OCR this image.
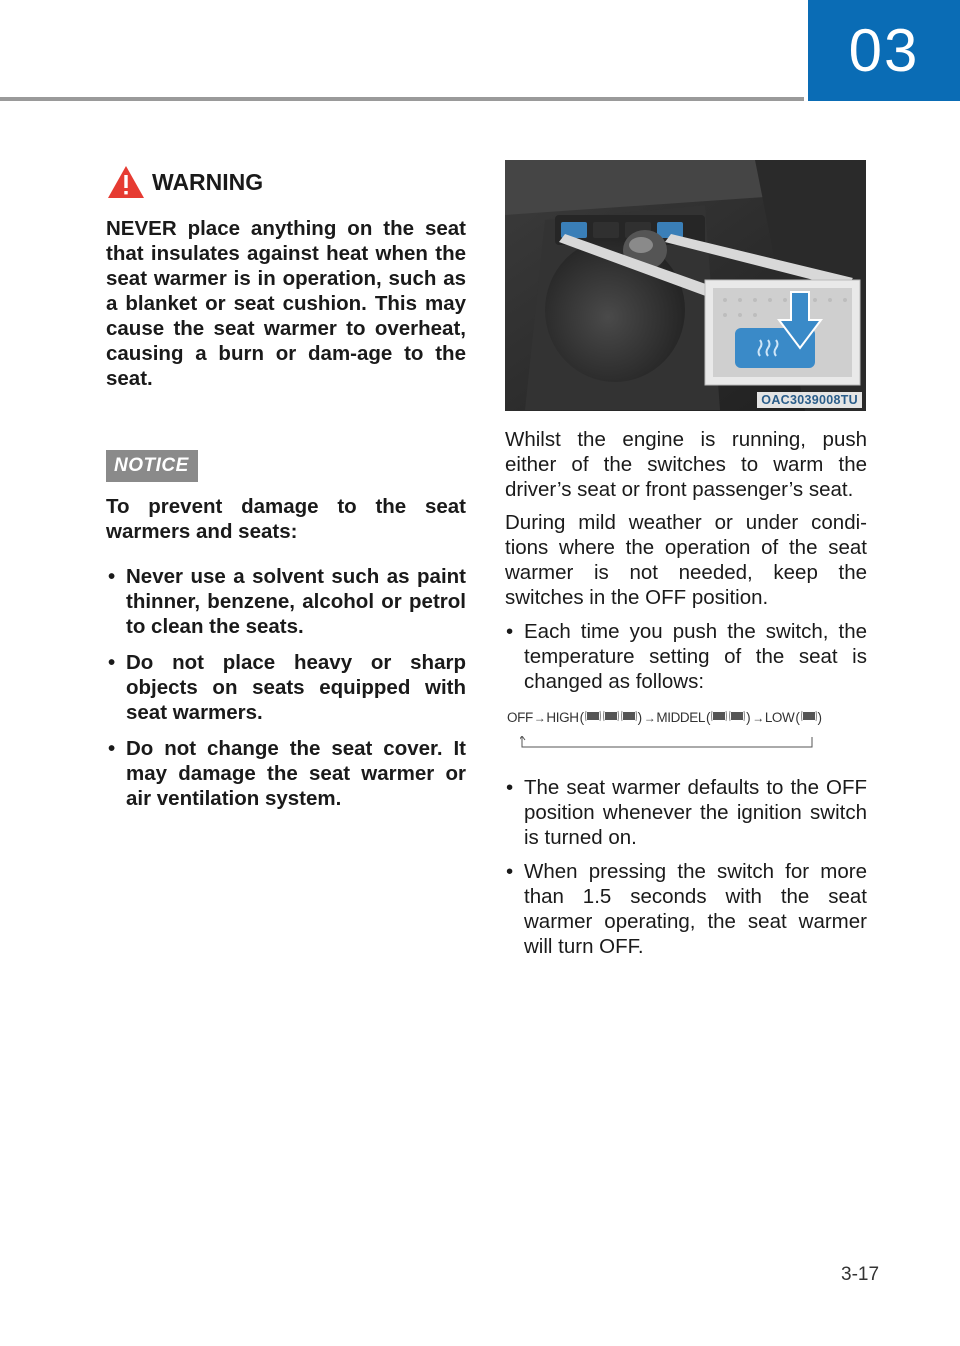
03
WARNING

NEVER place anything on the seat that insulates against heat when the seat warmer is in operation, such as a blanket or seat cushion. This may cause the seat warmer to overheat, causing a burn or dam-age to the seat.

NOTICE

To prevent damage to the seat warmers and seats:

• Never use a solvent such as paint thinner, benzene, alcohol or petrol to clean the seats.
• Do not place heavy or sharp objects on seats equipped with seat warmers.
• Do not change the seat cover. It may damage the seat warmer or air ventilation system.
OAC3039008TU

Whilst the engine is running, push either of the switches to warm the driver’s seat or front passenger’s seat.

During mild weather or under condi-tions where the operation of the seat warmer is not needed, keep the switches in the OFF position.

• Each time you push the switch, the temperature setting of the seat is changed as follows:
OFF → HIGH (	) → MIDDEL (	) → LOW ( )
• The seat warmer defaults to the OFF position whenever the ignition switch is turned on.
• When pressing the switch for more than 1.5 seconds with the seat warmer operating, the seat warmer will turn OFF.
3-17
